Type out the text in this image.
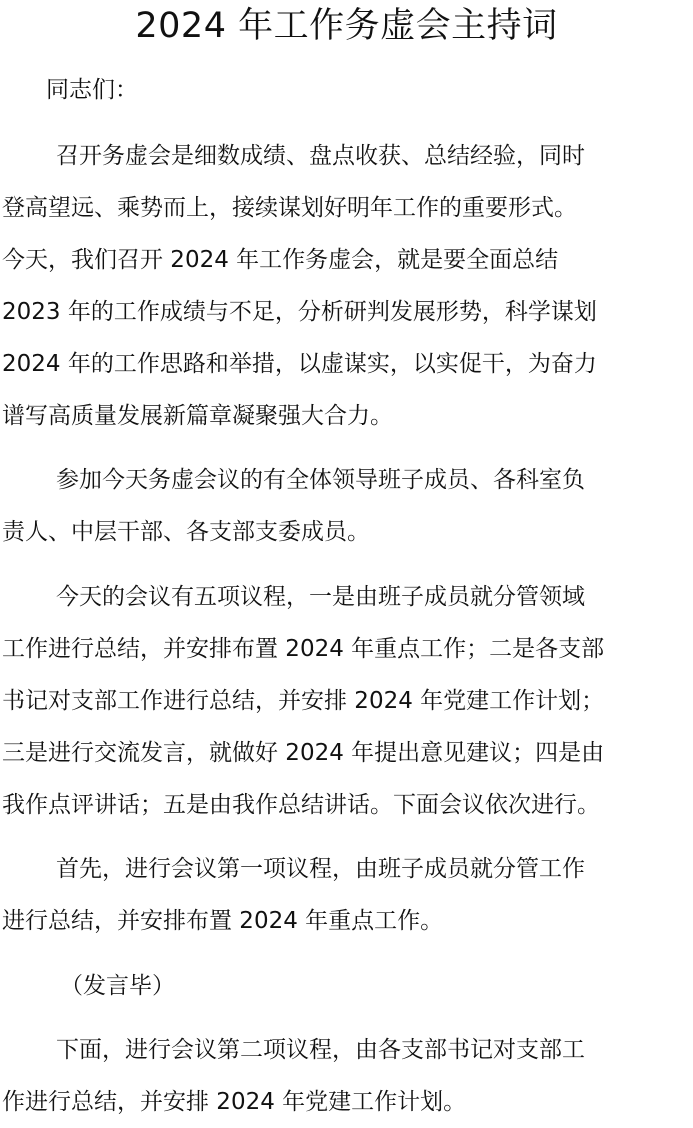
2024 年工作务虚会主持词

同志们：

召开务虚会是细数成绩、盘点收获、总结经验，同时
登高望远、乘势而上，接续谋划好明年工作的重要形式。
今天，我们召开 2024 年工作务虚会，就是要全面总结
2023 年的工作成绩与不足，分析研判发展形势，科学谋划
2024 年的工作思路和举措，以虚谋实，以实促干，为奋力
谱写高质量发展新篇章凝聚强大合力。
参加今天务虚会议的有全体领导班子成员、各科室负
责人、中层干部、各支部支委成员。
今天的会议有五项议程，一是由班子成员就分管领域
工作进行总结，并安排布置 2024 年重点工作；二是各支部
书记对支部工作进行总结，并安排 2024 年党建工作计划；
三是进行交流发言，就做好 2024 年提出意见建议；四是由
我作点评讲话；五是由我作总结讲话。下面会议依次进行。
首先，进行会议第一项议程，由班子成员就分管工作
进行总结，并安排布置 2024 年重点工作。

（发言毕）

下面，进行会议第二项议程，由各支部书记对支部工
作进行总结，并安排 2024 年党建工作计划。
